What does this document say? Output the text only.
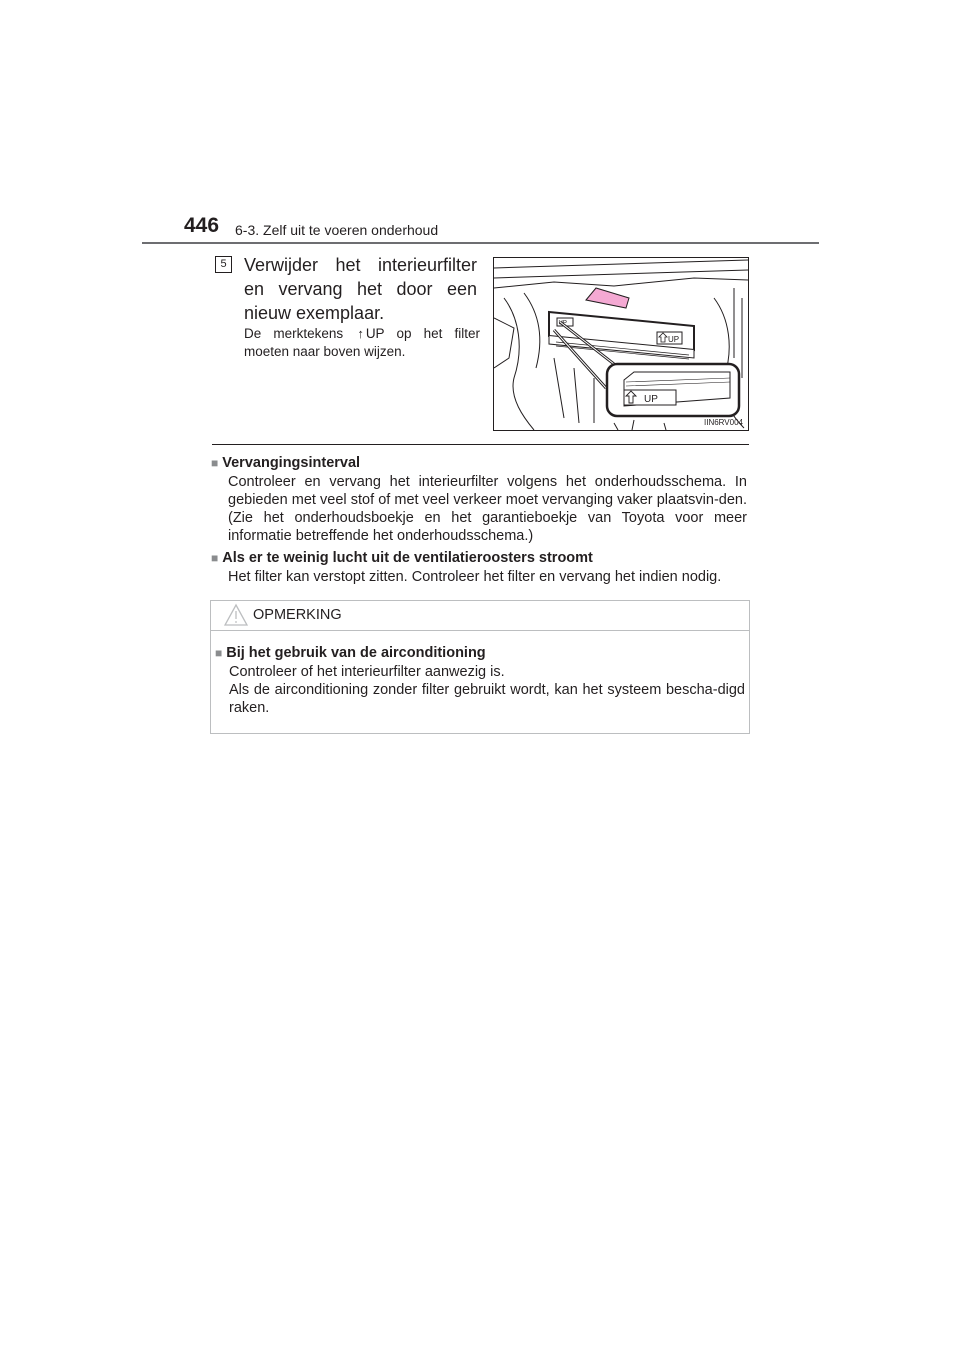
446 6-3. Zelf uit te voeren onderhoud
5 Verwijder het interieurfilter en vervang het door een nieuw exemplaar.
De merktekens ↑ UP op het filter moeten naar boven wijzen.
UP
UP
UP
IIN6RV004
■ Vervangingsinterval
Controleer en vervang het interieurfilter volgens het onderhoudsschema. In gebieden met veel stof of met veel verkeer moet vervanging vaker plaatsvin-den. (Zie het onderhoudsboekje en het garantieboekje van Toyota voor meer informatie betreffende het onderhoudsschema.)
■ Als er te weinig lucht uit de ventilatieroosters stroomt
Het filter kan verstopt zitten. Controleer het filter en vervang het indien nodig.
OPMERKING
■ Bij het gebruik van de airconditioning
Controleer of het interieurfilter aanwezig is.
Als de airconditioning zonder filter gebruikt wordt, kan het systeem bescha-digd raken.
